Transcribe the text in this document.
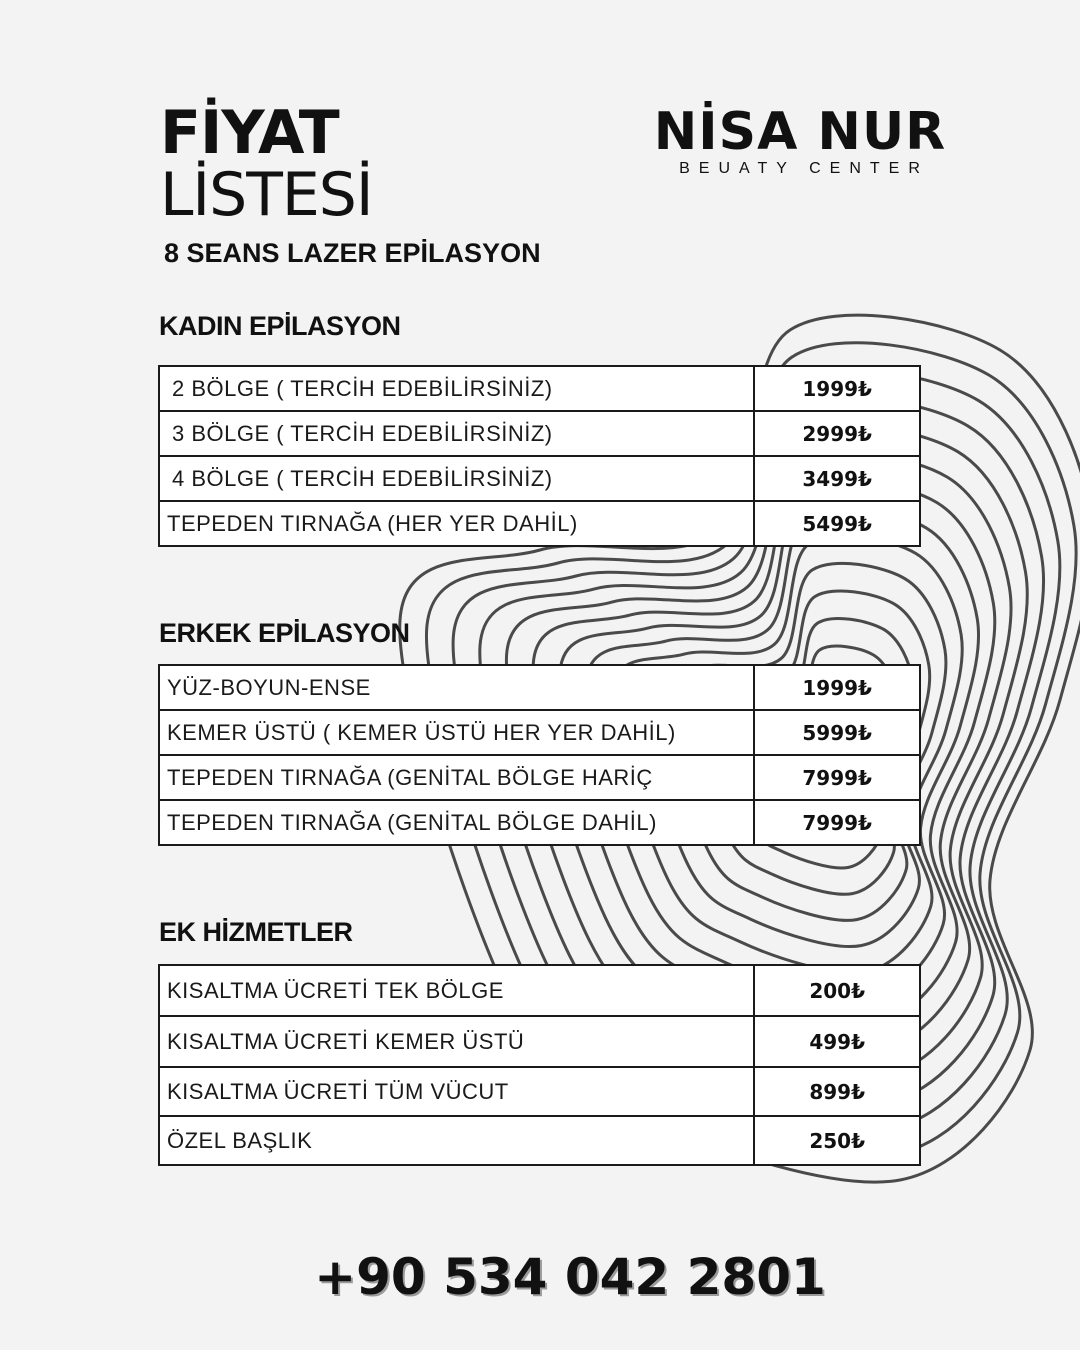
FİYAT
LİSTESİ
8 SEANS LAZER EPİLASYON
NİSA NUR
BEUATY CENTER
KADIN EPİLASYON
2 BÖLGE ( TERCİH EDEBİLİRSİNİZ)	1999₺
3 BÖLGE ( TERCİH EDEBİLİRSİNİZ)	2999₺
4 BÖLGE ( TERCİH EDEBİLİRSİNİZ)	3499₺
TEPEDEN TIRNAĞA (HER YER DAHİL)	5499₺
ERKEK EPİLASYON
YÜZ-BOYUN-ENSE	1999₺
KEMER ÜSTÜ ( KEMER ÜSTÜ HER YER DAHİL)	5999₺
TEPEDEN TIRNAĞA (GENİTAL BÖLGE HARİÇ	7999₺
TEPEDEN TIRNAĞA (GENİTAL BÖLGE DAHİL)	7999₺
EK HİZMETLER
KISALTMA ÜCRETİ TEK BÖLGE	200₺
KISALTMA ÜCRETİ KEMER ÜSTÜ	499₺
KISALTMA ÜCRETİ TÜM VÜCUT	899₺
ÖZEL BAŞLIK	250₺
+90 534 042 2801
